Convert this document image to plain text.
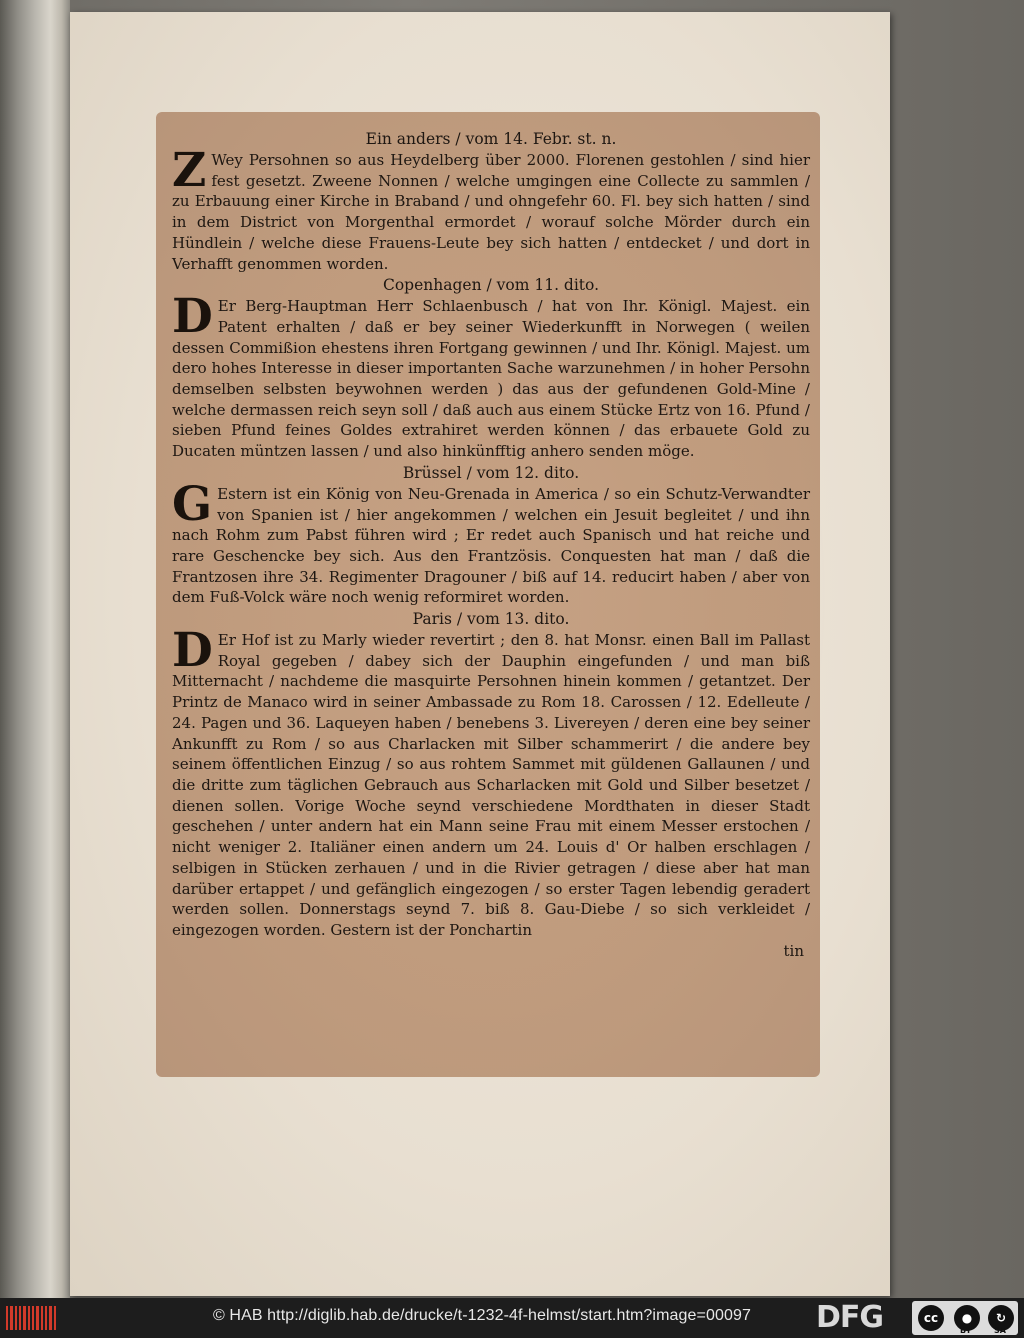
Ein anders / vom 14. Febr. st. n.

Z Wey Persohnen so aus Heydelberg über 2000. Florenen gestohlen / sind hier fest gesetzt. Zweene Nonnen / welche umgingen eine Collecte zu sammlen / zu Erbauung einer Kirche in Braband / und ohngefehr 60. Fl. bey sich hatten / sind in dem District von Morgenthal ermordet / worauf solche Mörder durch ein Hündlein / welche diese Frauens-Leute bey sich hatten / entdecket / und dort in Verhafft genommen worden.

Copenhagen / vom 11. dito.

D Er Berg-Hauptman Herr Schlaenbusch / hat von Ihr. Königl. Majest. ein Patent erhalten / daß er bey seiner Wiederkunfft in Norwegen ( weilen dessen Commißion ehestens ihren Fortgang gewinnen / und Ihr. Königl. Majest. um dero hohes Interesse in dieser importanten Sache warzunehmen / in hoher Persohn demselben selbsten beywohnen werden ) das aus der gefundenen Gold-Mine / welche dermassen reich seyn soll / daß auch aus einem Stücke Ertz von 16. Pfund / sieben Pfund feines Goldes extrahiret werden können / das erbauete Gold zu Ducaten müntzen lassen / und also hinkünfftig anhero senden möge.

Brüssel / vom 12. dito.

G Estern ist ein König von Neu-Grenada in America / so ein Schutz-Verwandter von Spanien ist / hier angekommen / welchen ein Jesuit begleitet / und ihn nach Rohm zum Pabst führen wird ; Er redet auch Spanisch und hat reiche und rare Geschencke bey sich. Aus den Frantzösis. Conquesten hat man / daß die Frantzosen ihre 34. Regimenter Dragouner / biß auf 14. reducirt haben / aber von dem Fuß-Volck wäre noch wenig reformiret worden.

Paris / vom 13. dito.

D Er Hof ist zu Marly wieder revertirt ; den 8. hat Monsr. einen Ball im Pallast Royal gegeben / dabey sich der Dauphin eingefunden / und man biß Mitternacht / nachdeme die masquirte Persohnen hinein kommen / getantzet. Der Printz de Manaco wird in seiner Ambassade zu Rom 18. Carossen / 12. Edelleute / 24. Pagen und 36. Laqueyen haben / benebens 3. Livereyen / deren eine bey seiner Ankunfft zu Rom / so aus Charlacken mit Silber schammerirt / die andere bey seinem öffentlichen Einzug / so aus rohtem Sammet mit güldenen Gallaunen / und die dritte zum täglichen Gebrauch aus Scharlacken mit Gold und Silber besetzet / dienen sollen. Vorige Woche seynd verschiedene Mordthaten in dieser Stadt geschehen / unter andern hat ein Mann seine Frau mit einem Messer erstochen / nicht weniger 2. Italiäner einen andern um 24. Louis d' Or halben erschlagen / selbigen in Stücken zerhauen / und in die Rivier getragen / diese aber hat man darüber ertappet / und gefänglich eingezogen / so erster Tagen lebendig geradert werden sollen. Donnerstags seynd 7. biß 8. Gau-Diebe / so sich verkleidet / eingezogen worden. Gestern ist der Ponchartin

tin

© HAB http://diglib.hab.de/drucke/t-1232-4f-helmst/start.htm?image=00097 DFG	cc	●	↻
BY	SA
